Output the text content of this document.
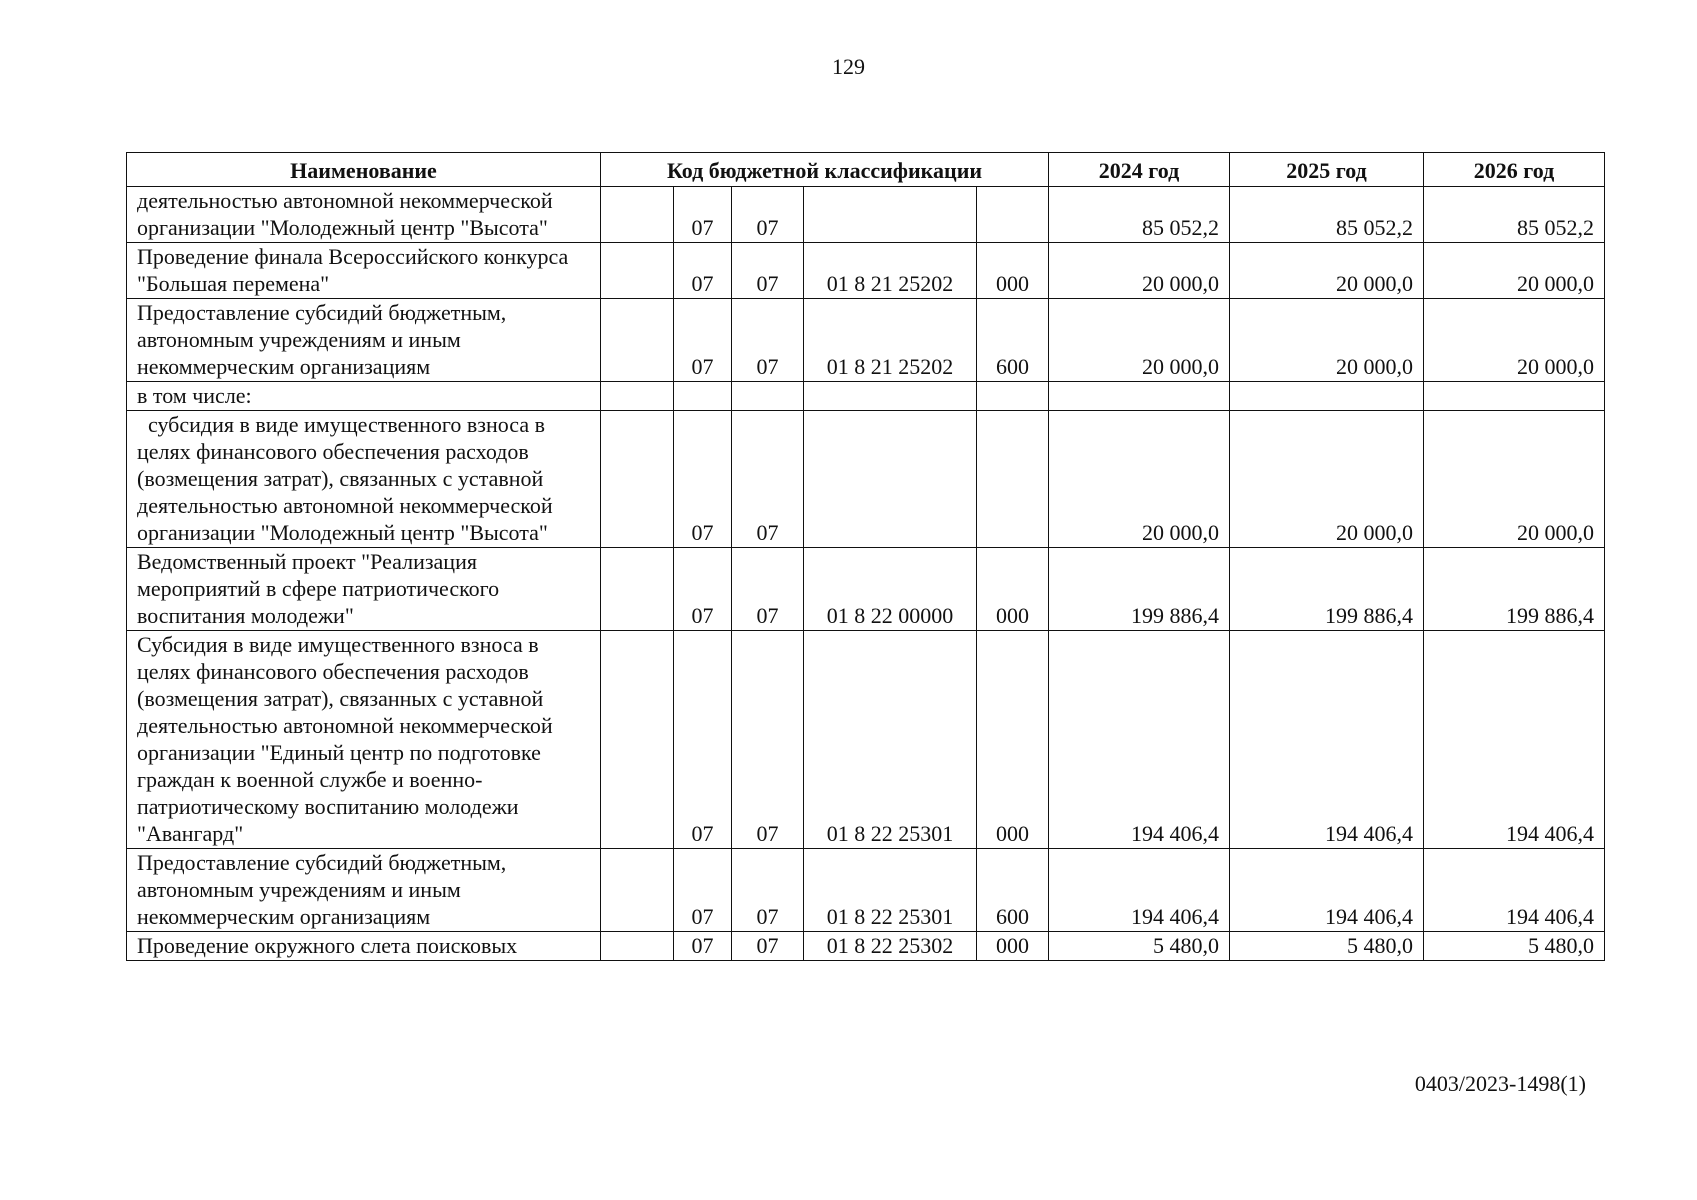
129
Наименование	Код бюджетной классификации					2024 год	2025 год	2026 год
деятельностью автономной некоммерческой организации "Молодежный центр "Высота"		07	07			85 052,2	85 052,2	85 052,2
Проведение финала Всероссийского конкурса "Большая перемена"		07	07	01 8 21 25202	000	20 000,0	20 000,0	20 000,0
Предоставление субсидий бюджетным, автономным учреждениям и иным некоммерческим организациям		07	07	01 8 21 25202	600	20 000,0	20 000,0	20 000,0
в том числе:								
субсидия в виде имущественного взноса в целях финансового обеспечения расходов (возмещения затрат), связанных с уставной деятельностью автономной некоммерческой организации "Молодежный центр "Высота"		07	07			20 000,0	20 000,0	20 000,0
Ведомственный проект "Реализация мероприятий в сфере патриотического воспитания молодежи"		07	07	01 8 22 00000	000	199 886,4	199 886,4	199 886,4
Субсидия в виде имущественного взноса в целях финансового обеспечения расходов (возмещения затрат), связанных с уставной деятельностью автономной некоммерческой организации "Единый центр по подготовке граждан к военной службе и военно-патриотическому воспитанию молодежи "Авангард"		07	07	01 8 22 25301	000	194 406,4	194 406,4	194 406,4
Предоставление субсидий бюджетным, автономным учреждениям и иным некоммерческим организациям		07	07	01 8 22 25301	600	194 406,4	194 406,4	194 406,4
Проведение окружного слета поисковых		07	07	01 8 22 25302	000	5 480,0	5 480,0	5 480,0
0403/2023-1498(1)
